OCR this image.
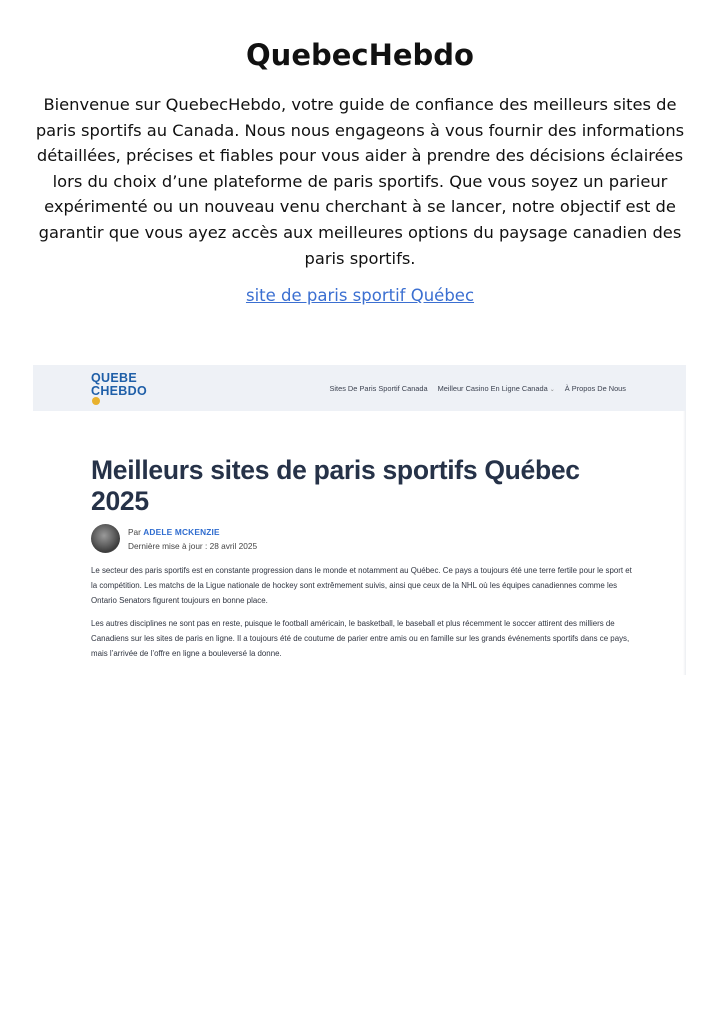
QuebecHebdo

Bienvenue sur QuebecHebdo, votre guide de confiance des meilleurs sites de paris sportifs au Canada. Nous nous engageons à vous fournir des informations détaillées, précises et fiables pour vous aider à prendre des décisions éclairées lors du choix d’une plateforme de paris sportifs. Que vous soyez un parieur expérimenté ou un nouveau venu cherchant à se lancer, notre objectif est de garantir que vous ayez accès aux meilleures options du paysage canadien des paris sportifs.

site de paris sportif Québec
QUEBE
CHEBDO	Sites De Paris Sportif Canada Meilleur Casino En Ligne Canada ⌄ À Propos De Nous
Meilleurs sites de paris sportifs Québec 2025
Par ADELE MCKENZIE
Dernière mise à jour : 28 avril 2025

Le secteur des paris sportifs est en constante progression dans le monde et notamment au Québec. Ce pays a toujours été une terre fertile pour le sport et la compétition. Les matchs de la Ligue nationale de hockey sont extrêmement suivis, ainsi que ceux de la NHL où les équipes canadiennes comme les Ontario Senators figurent toujours en bonne place.

Les autres disciplines ne sont pas en reste, puisque le football américain, le basketball, le baseball et plus récemment le soccer attirent des milliers de Canadiens sur les sites de paris en ligne. Il a toujours été de coutume de parier entre amis ou en famille sur les grands événements sportifs dans ce pays, mais l’arrivée de l’offre en ligne a bouleversé la donne.
